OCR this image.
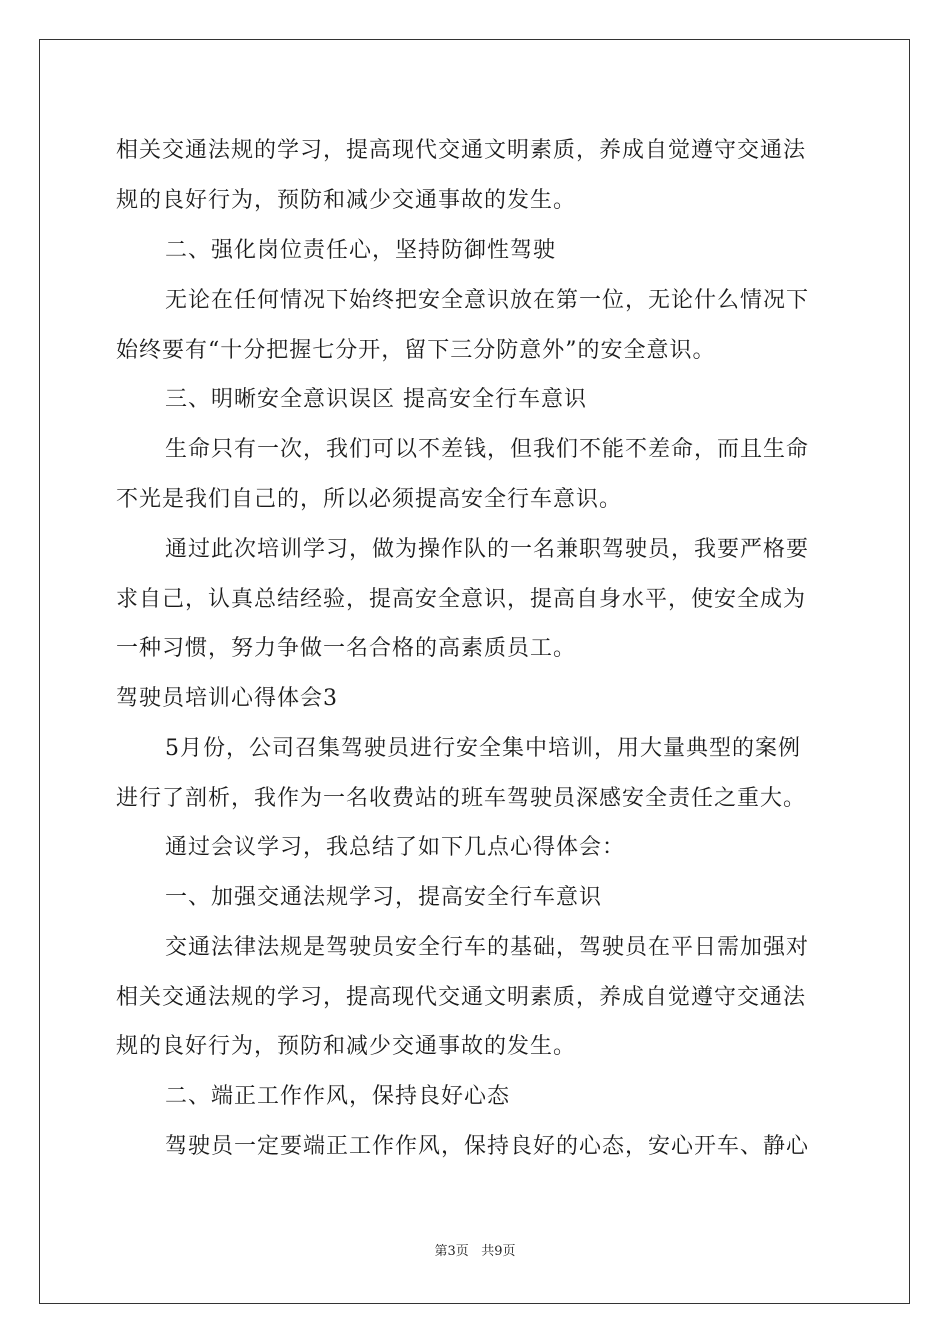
相关交通法规的学习，提高现代交通文明素质，养成自觉遵守交通法
规的良好行为，预防和减少交通事故的发生。
二、强化岗位责任心，坚持防御性驾驶
无论在任何情况下始终把安全意识放在第一位，无论什么情况下
始终要有“十分把握七分开，留下三分防意外”的安全意识。
三、明晰安全意识误区 提高安全行车意识
生命只有一次，我们可以不差钱，但我们不能不差命，而且生命
不光是我们自己的，所以必须提高安全行车意识。
通过此次培训学习，做为操作队的一名兼职驾驶员，我要严格要
求自己，认真总结经验，提高安全意识，提高自身水平，使安全成为
一种习惯，努力争做一名合格的高素质员工。
驾驶员培训心得体会3
5月份，公司召集驾驶员进行安全集中培训，用大量典型的案例
进行了剖析，我作为一名收费站的班车驾驶员深感安全责任之重大。
通过会议学习，我总结了如下几点心得体会：
一、加强交通法规学习，提高安全行车意识
交通法律法规是驾驶员安全行车的基础，驾驶员在平日需加强对
相关交通法规的学习，提高现代交通文明素质，养成自觉遵守交通法
规的良好行为，预防和减少交通事故的发生。
二、端正工作作风，保持良好心态
驾驶员一定要端正工作作风，保持良好的心态，安心开车、静心
第3页 共9页
